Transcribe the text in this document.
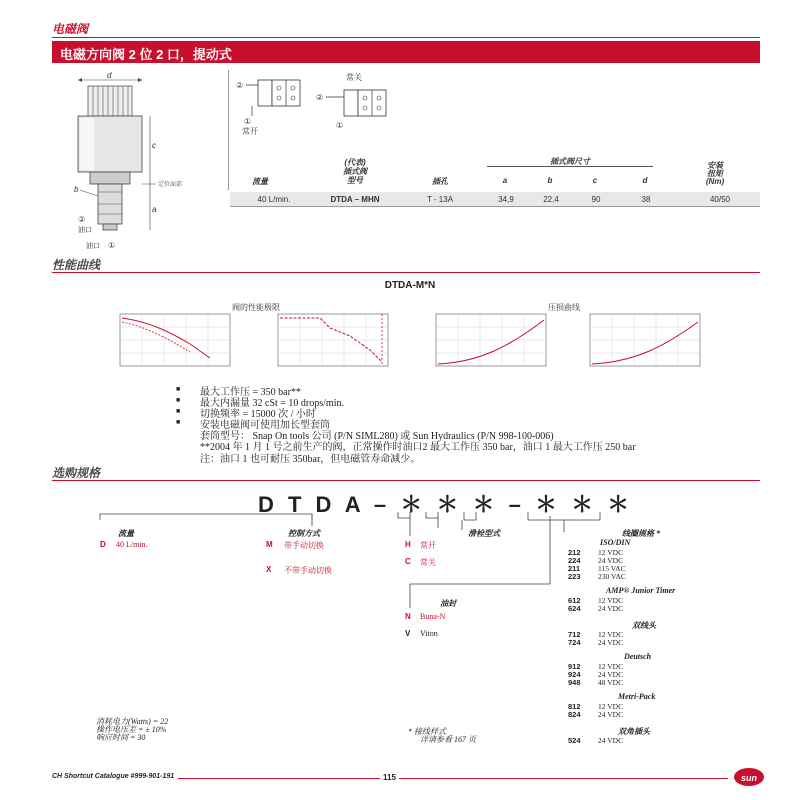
电磁阀
电磁方向阀 2 位 2 口，提动式
d
c
a
b	定位面部
②
油口
油口 ①
②
①
常开
常关
②
①
插式阀尺寸
流量
(代表)
插式阀
型号	插孔	a	b	c	d
安装
扭矩
(Nm)
40 L/min.	DTDA – MHN	T - 13A	34,9	22,4	90	38	40/50
性能曲线
DTDA-M*N
阀的性能极限	压损曲线
■
■
■
■
最大工作压 = 350 bar**
最大内漏量 32 cSt = 10 drops/min.
切换频率 = 15000 次 / 小时
安装电磁阀可使用加长型套筒
套筒型号： Snap On tools 公司 (P/N SIML280) 或 Sun Hydraulics (P/N 998-100-006)
**2004 年 1 月 1 号之前生产的阀，正常操作时油口2 最大工作压 350 bar，油口 1 最大工作压 250 bar
注：油口 1 也可耐压 350bar，但电磁管寿命减少。
选购规格
D T D A – ＊ ＊ ＊ – ＊ ＊ ＊
流量
D 40 L/min.
控制方式
M 带手动切换
X 不带手动切换
滑栓型式
H 常开
C 常关
油封
N Buna-N
V Viton
线圈规格 *
ISO/DIN
212 12 VDC
224 24 VDC
211 115 VAC
223 230 VAC
AMP® Junior Timer
612 12 VDC
624 24 VDC
双线头
712 12 VDC
724 24 VDC
Deutsch
912 12 VDC
924 24 VDC
948 48 VDC
Metri-Pack
812 12 VDC
824 24 VDC
双角插头
524 24 VDC
消耗电力(Watts) = 22
操作电压差 = ± 10%
响应时间 = 30
* 接线样式
详请参看 167 页
CH Shortcut Catalogue #999-901-191	115	sun
